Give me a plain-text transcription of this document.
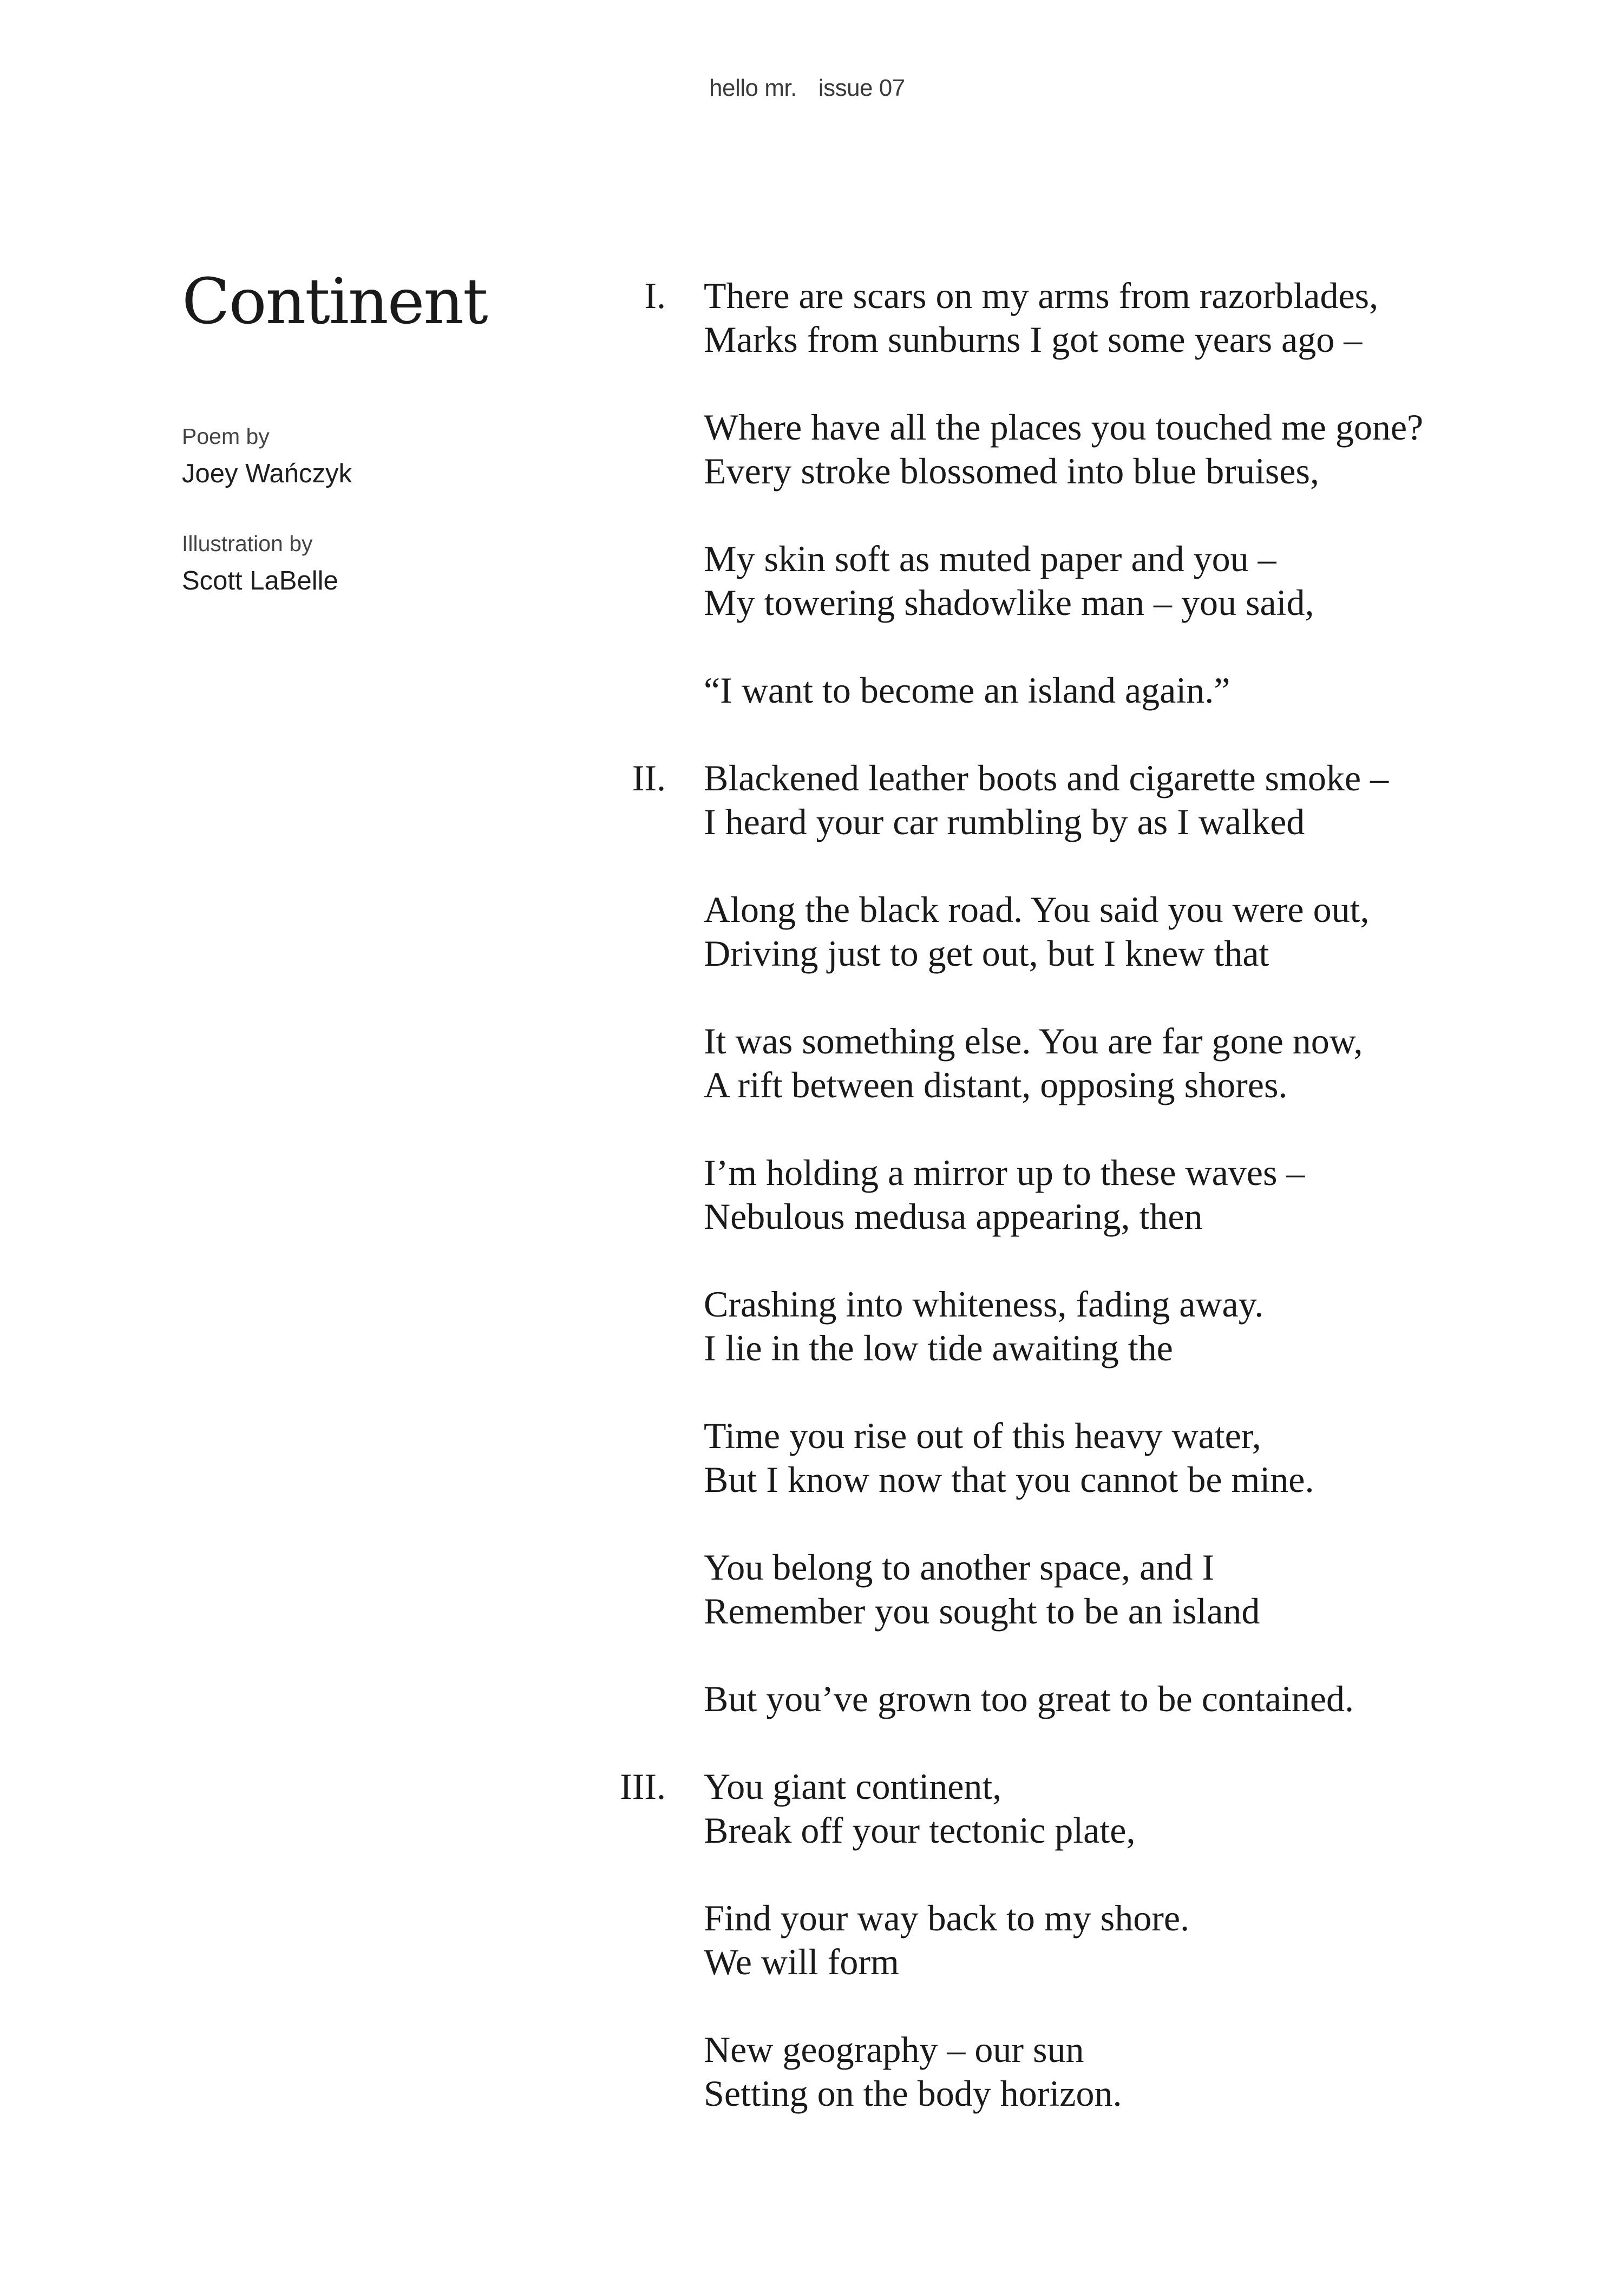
hello mr. issue 07
Continent
Poem by
Joey Wańczyk
Illustration by
Scott LaBelle
I. There are scars on my arms from razorblades,
Marks from sunburns I got some years ago –
Where have all the places you touched me gone?
Every stroke blossomed into blue bruises,
My skin soft as muted paper and you –
My towering shadowlike man – you said,
“I want to become an island again.”
II. Blackened leather boots and cigarette smoke –
I heard your car rumbling by as I walked
Along the black road. You said you were out,
Driving just to get out, but I knew that
It was something else. You are far gone now,
A rift between distant, opposing shores.
I’m holding a mirror up to these waves –
Nebulous medusa appearing, then
Crashing into whiteness, fading away.
I lie in the low tide awaiting the
Time you rise out of this heavy water,
But I know now that you cannot be mine.
You belong to another space, and I
Remember you sought to be an island
But you’ve grown too great to be contained.
III. You giant continent,
Break off your tectonic plate,
Find your way back to my shore.
We will form
New geography – our sun
Setting on the body horizon.
